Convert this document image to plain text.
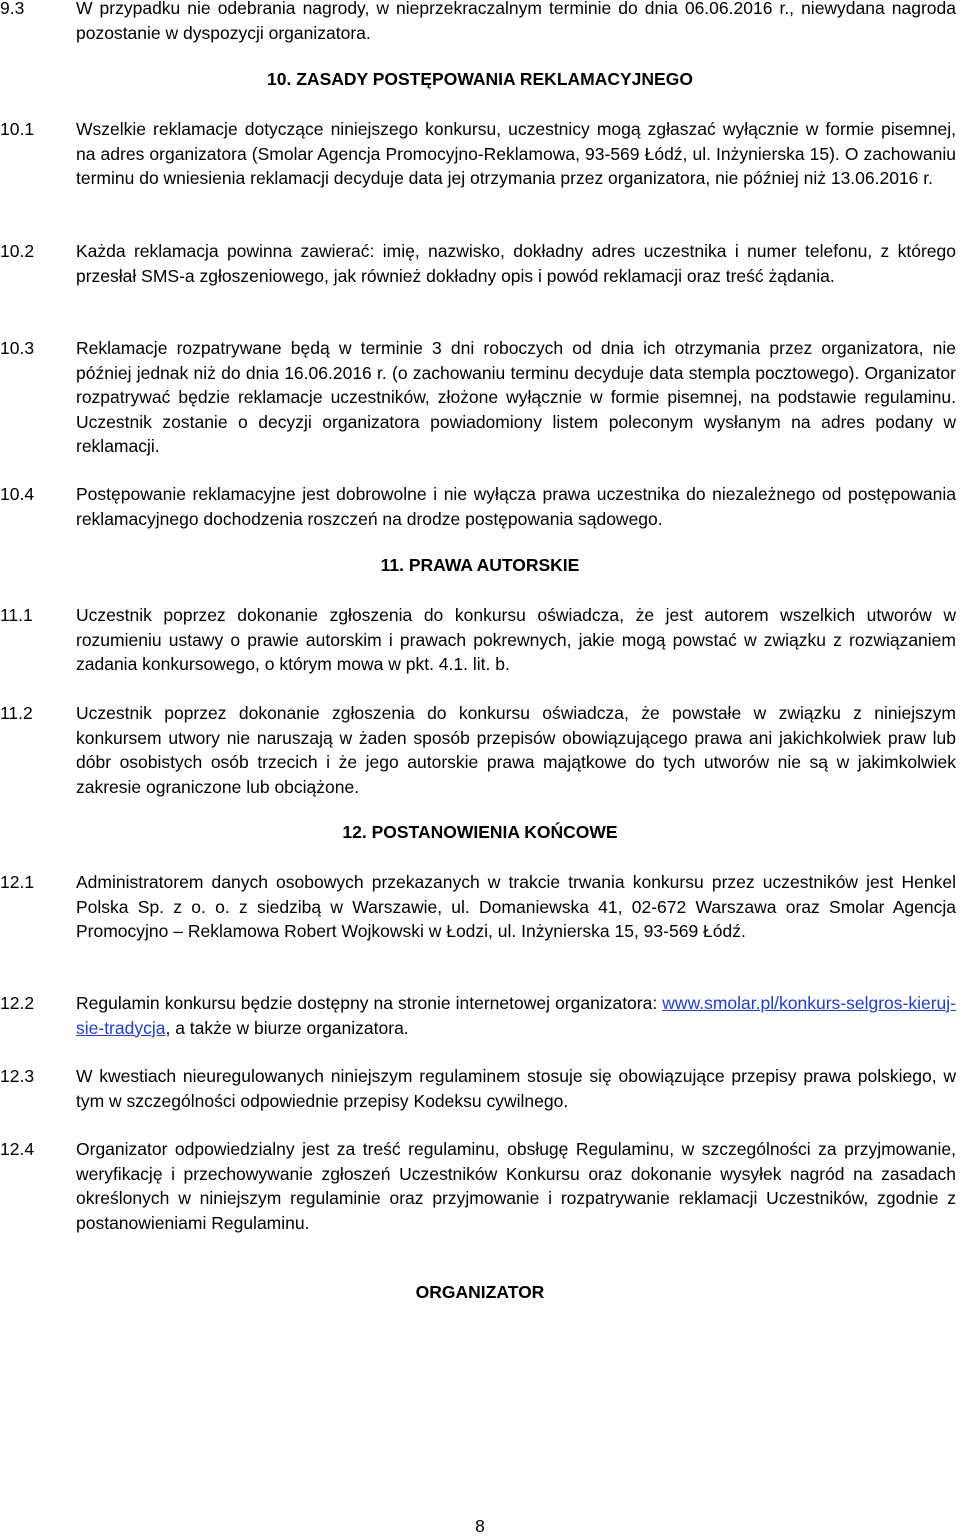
9.3	W przypadku nie odebrania nagrody, w nieprzekraczalnym terminie do dnia 06.06.2016 r., niewydana nagroda pozostanie w dyspozycji organizatora.
10. ZASADY POSTĘPOWANIA REKLAMACYJNEGO
10.1 Wszelkie reklamacje dotyczące niniejszego konkursu, uczestnicy mogą zgłaszać wyłącznie w formie pisemnej, na adres organizatora (Smolar Agencja Promocyjno-Reklamowa, 93-569 Łódź, ul. Inżynierska 15). O zachowaniu terminu do wniesienia reklamacji decyduje data jej otrzymania przez organizatora, nie później niż 13.06.2016 r.
10.2 Każda reklamacja powinna zawierać: imię, nazwisko, dokładny adres uczestnika i numer telefonu, z którego przesłał SMS-a zgłoszeniowego, jak również dokładny opis i powód reklamacji oraz treść żądania.
10.3 Reklamacje rozpatrywane będą w terminie 3 dni roboczych od dnia ich otrzymania przez organizatora, nie później jednak niż do dnia 16.06.2016 r. (o zachowaniu terminu decyduje data stempla pocztowego). Organizator rozpatrywać będzie reklamacje uczestników, złożone wyłącznie w formie pisemnej, na podstawie regulaminu. Uczestnik zostanie o decyzji organizatora powiadomiony listem poleconym wysłanym na adres podany w reklamacji.
10.4 Postępowanie reklamacyjne jest dobrowolne i nie wyłącza prawa uczestnika do niezależnego od postępowania reklamacyjnego dochodzenia roszczeń na drodze postępowania sądowego.
11. PRAWA AUTORSKIE
11.1 Uczestnik poprzez dokonanie zgłoszenia do konkursu oświadcza, że jest autorem wszelkich utworów w rozumieniu ustawy o prawie autorskim i prawach pokrewnych, jakie mogą powstać w związku z rozwiązaniem zadania konkursowego, o którym mowa w pkt. 4.1. lit. b.
11.2 Uczestnik poprzez dokonanie zgłoszenia do konkursu oświadcza, że powstałe w związku z niniejszym konkursem utwory nie naruszają w żaden sposób przepisów obowiązującego prawa ani jakichkolwiek praw lub dóbr osobistych osób trzecich i że jego autorskie prawa majątkowe do tych utworów nie są w jakimkolwiek zakresie ograniczone lub obciążone.
12. POSTANOWIENIA KOŃCOWE
12.1 Administratorem danych osobowych przekazanych w trakcie trwania konkursu przez uczestników jest Henkel Polska Sp. z o. o. z siedzibą w Warszawie, ul. Domaniewska 41, 02-672 Warszawa oraz Smolar Agencja Promocyjno – Reklamowa Robert Wojkowski w Łodzi, ul. Inżynierska 15, 93-569 Łódź.
12.2 Regulamin konkursu będzie dostępny na stronie internetowej organizatora: www.smolar.pl/konkurs-selgros-kieruj-sie-tradycja, a także w biurze organizatora.
12.3 W kwestiach nieuregulowanych niniejszym regulaminem stosuje się obowiązujące przepisy prawa polskiego, w tym w szczególności odpowiednie przepisy Kodeksu cywilnego.
12.4 Organizator odpowiedzialny jest za treść regulaminu, obsługę Regulaminu, w szczególności za przyjmowanie, weryfikację i przechowywanie zgłoszeń Uczestników Konkursu oraz dokonanie wysyłek nagród na zasadach określonych w niniejszym regulaminie oraz przyjmowanie i rozpatrywanie reklamacji Uczestników, zgodnie z postanowieniami Regulaminu.
ORGANIZATOR
8
